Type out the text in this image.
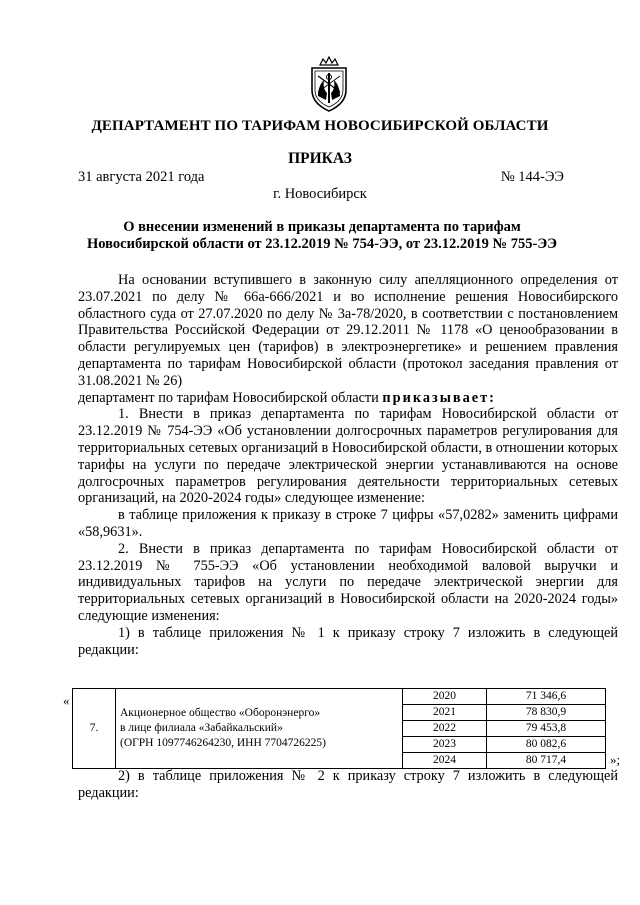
ДЕПАРТАМЕНТ ПО ТАРИФАМ НОВОСИБИРСКОЙ ОБЛАСТИ
ПРИКАЗ
31 августа 2021 года	№ 144-ЭЭ
г. Новосибирск
О внесении изменений в приказы департамента по тарифам Новосибирской области от 23.12.2019 № 754-ЭЭ, от 23.12.2019 № 755-ЭЭ

На основании вступившего в законную силу апелляционного определения от 23.07.2021 по делу № 66а-666/2021 и во исполнение решения Новосибирского областного суда от 27.07.2020 по делу № 3а-78/2020, в соответствии с постановлением Правительства Российской Федерации от 29.12.2011 № 1178 «О ценообразовании в области регулируемых цен (тарифов) в электроэнергетике» и решением правления департамента по тарифам Новосибирской области (протокол заседания правления от 31.08.2021 № 26)

департамент по тарифам Новосибирской области приказывает:

1. Внести в приказ департамента по тарифам Новосибирской области от 23.12.2019 № 754-ЭЭ «Об установлении долгосрочных параметров регулирования для территориальных сетевых организаций в Новосибирской области, в отношении которых тарифы на услуги по передаче электрической энергии устанавливаются на основе долгосрочных параметров регулирования деятельности территориальных сетевых организаций, на 2020-2024 годы» следующее изменение:

в таблице приложения к приказу в строке 7 цифры «57,0282» заменить цифрами «58,9631».

2. Внести в приказ департамента по тарифам Новосибирской области от 23.12.2019 № 755-ЭЭ «Об установлении необходимой валовой выручки и индивидуальных тарифов на услуги по передаче электрической энергии для территориальных сетевых организаций в Новосибирской области на 2020-2024 годы» следующие изменения:

1) в таблице приложения № 1 к приказу строку 7 изложить в следующей редакции:

«
7.	Акционерное общество «Оборонэнерго»
в лице филиала «Забайкальский»
(ОГРН 1097746264230, ИНН 7704726225)	2020	71 346,6
		2021	78 830,9
		2022	79 453,8
		2023	80 082,6
		2024	80 717,4	»;

2) в таблице приложения № 2 к приказу строку 7 изложить в следующей редакции:
